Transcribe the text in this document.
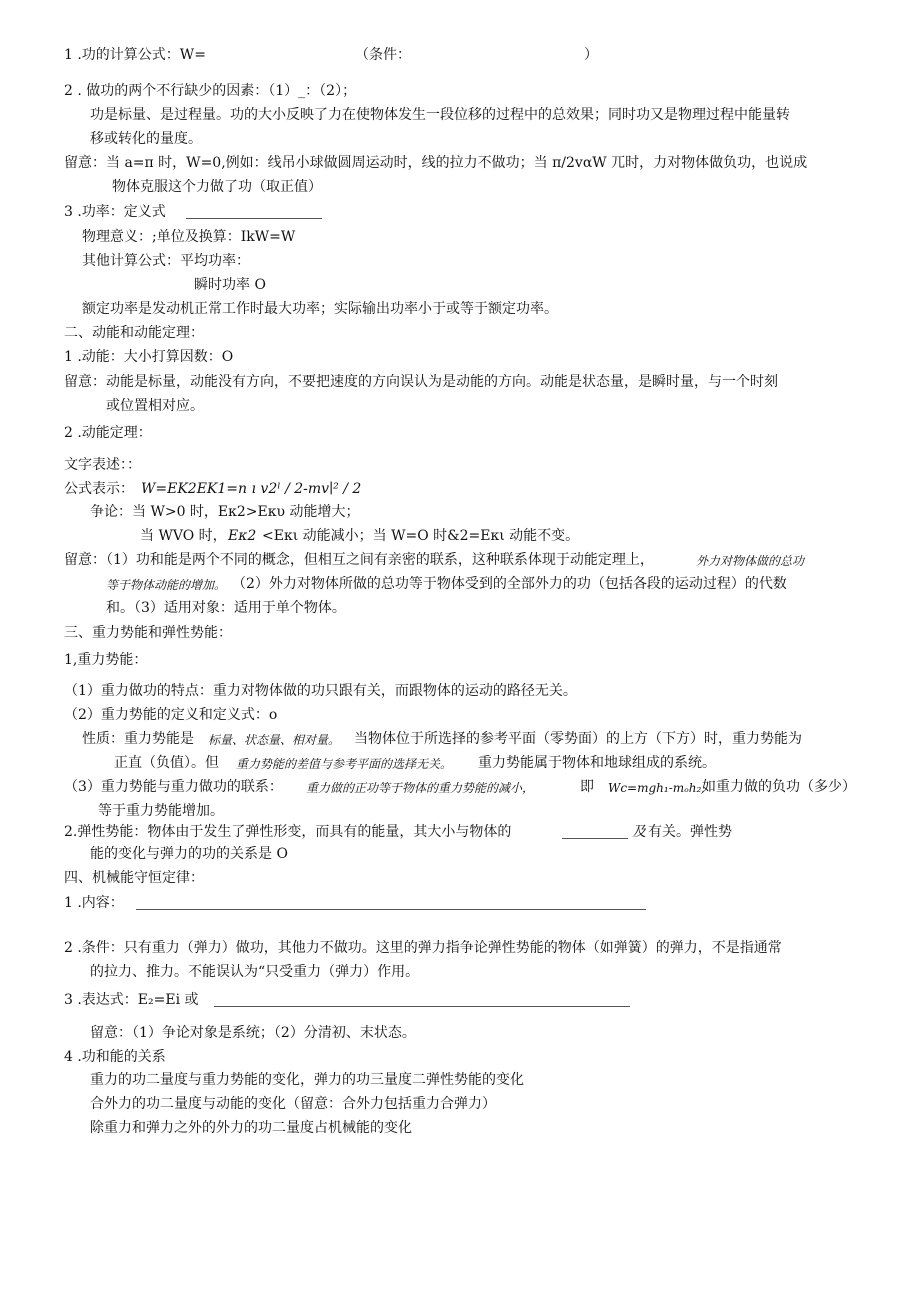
1 .功的计算公式：W=	（条件：	）
2 . 做功的两个不行缺少的因素：（1）_：（2）；
功是标量、是过程量。功的大小反映了力在使物体发生一段位移的过程中的总效果；同时功又是物理过程中能量转
移或转化的量度。
留意：当 a=π 时，W=0,例如：线吊小球做圆周运动时，线的拉力不做功；当 π/2vαW 兀时，力对物体做负功，也说成
物体克服这个力做了功（取正值）
3 .功率：定义式
物理意义：;单位及换算：IkW=W
其他计算公式：平均功率：
瞬时功率 O
额定功率是发动机正常工作时最大功率；实际输出功率小于或等于额定功率。
二、动能和动能定理：
1 .动能：大小打算因数：O
留意：动能是标量，动能没有方向，不要把速度的方向误认为是动能的方向。动能是状态量，是瞬时量，与一个时刻
或位置相对应。
2 .动能定理：
文字表述：：
公式表示： W=EK2EK1=n ı v2ˡ / 2-mv∣² / 2
争论：当 W>0 时，Eκ2>Eκυ 动能增大；
当 WVO 时， Eκ2 <Eκι 动能减小；当 W=O 时&2=Eκι 动能不变。
留意：（1）功和能是两个不同的概念，但相互之间有亲密的联系，这种联系体现于动能定理上，	外力对物体做的总功
等于物体动能的增加。 （2）外力对物体所做的总功等于物体受到的全部外力的功（包括各段的运动过程）的代数
和。（3）适用对象：适用于单个物体。
三、重力势能和弹性势能：
1,重力势能：
（1）重力做功的特点：重力对物体做的功只跟有关，而跟物体的运动的路径无关。
（2）重力势能的定义和定义式：o
性质：重力势能是 标量、状态量、相对量。 当物体位于所选择的参考平面（零势面）的上方（下方）时，重力势能为
正直（负值）。但 重力势能的差值与参考平面的选择无关。 重力势能属于物体和地球组成的系统。
（3）重力势能与重力做功的联系： 重力做的正功等于物体的重力势能的减小，	即 Wc=mgh₁-mₒh₂;
如重力做的负功（多少）
等于重力势能增加。
2.弹性势能：物体由于发生了弹性形变，而具有的能量，其大小与物体的	及 有关。弹性势
能的变化与弹力的功的关系是 O
四、机械能守恒定律：
1 .内容：
2 .条件：只有重力（弹力）做功，其他力不做功。这里的弹力指争论弹性势能的物体（如弹簧）的弹力，不是指通常
的拉力、推力。不能误认为“只受重力（弹力）作用。
3 .表达式：E₂=Ei 或
留意：（1）争论对象是系统；（2）分清初、末状态。
4 .功和能的关系
重力的功二量度与重力势能的变化，弹力的功三量度二弹性势能的变化
合外力的功二量度与动能的变化（留意：合外力包括重力合弹力）
除重力和弹力之外的外力的功二量度占机械能的变化
